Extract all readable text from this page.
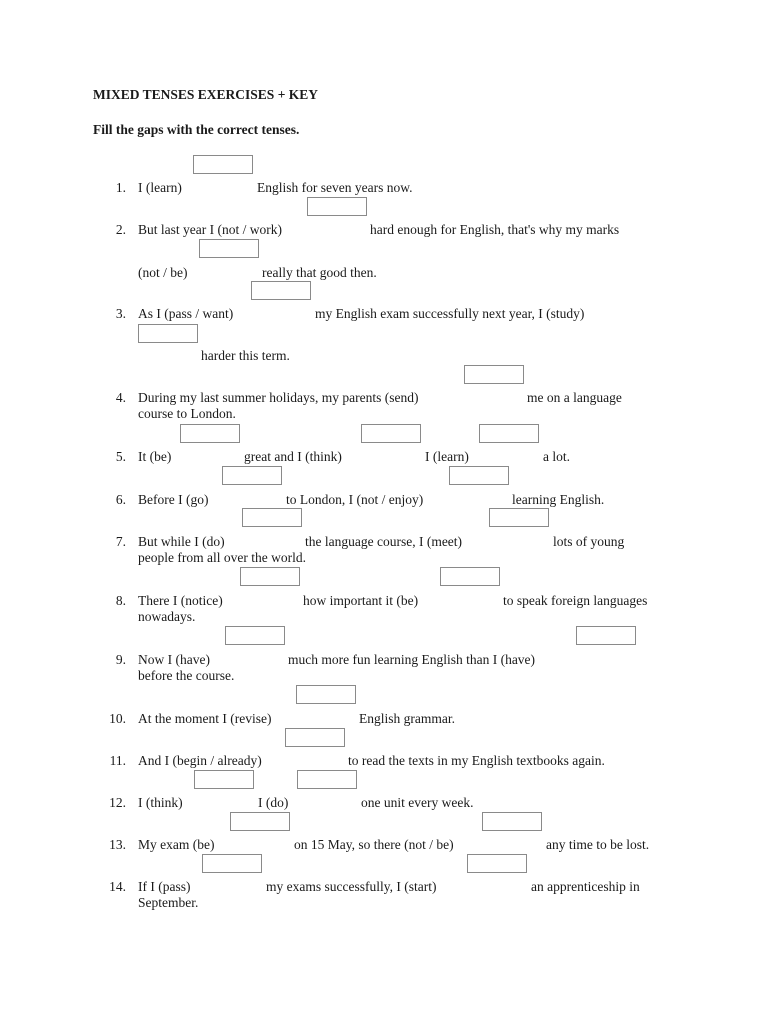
MIXED TENSES EXERCISES + KEY
Fill the gaps with the correct tenses.
1. I (learn)	English for seven years now.
2. But last year I (not / work)	hard enough for English, that's why my marks
(not / be)	really that good then.
3. As I (pass / want)	my English exam successfully next year, I (study)
harder this term.
4. During my last summer holidays, my parents (send)	me on a language
course to London.
5. It (be)	great and I (think)	I (learn)	a lot.
6. Before I (go)	to London, I (not / enjoy)	learning English.
7. But while I (do)	the language course, I (meet)	lots of young
people from all over the world.
8. There I (notice)	how important it (be)	to speak foreign languages
nowadays.
9. Now I (have)	much more fun learning English than I (have)
before the course.
10. At the moment I (revise)	English grammar.
11. And I (begin / already)	to read the texts in my English textbooks again.
12. I (think)	I (do)	one unit every week.
13. My exam (be)	on 15 May, so there (not / be)	any time to be lost.
14. If I (pass)	my exams successfully, I (start)	an apprenticeship in
September.
